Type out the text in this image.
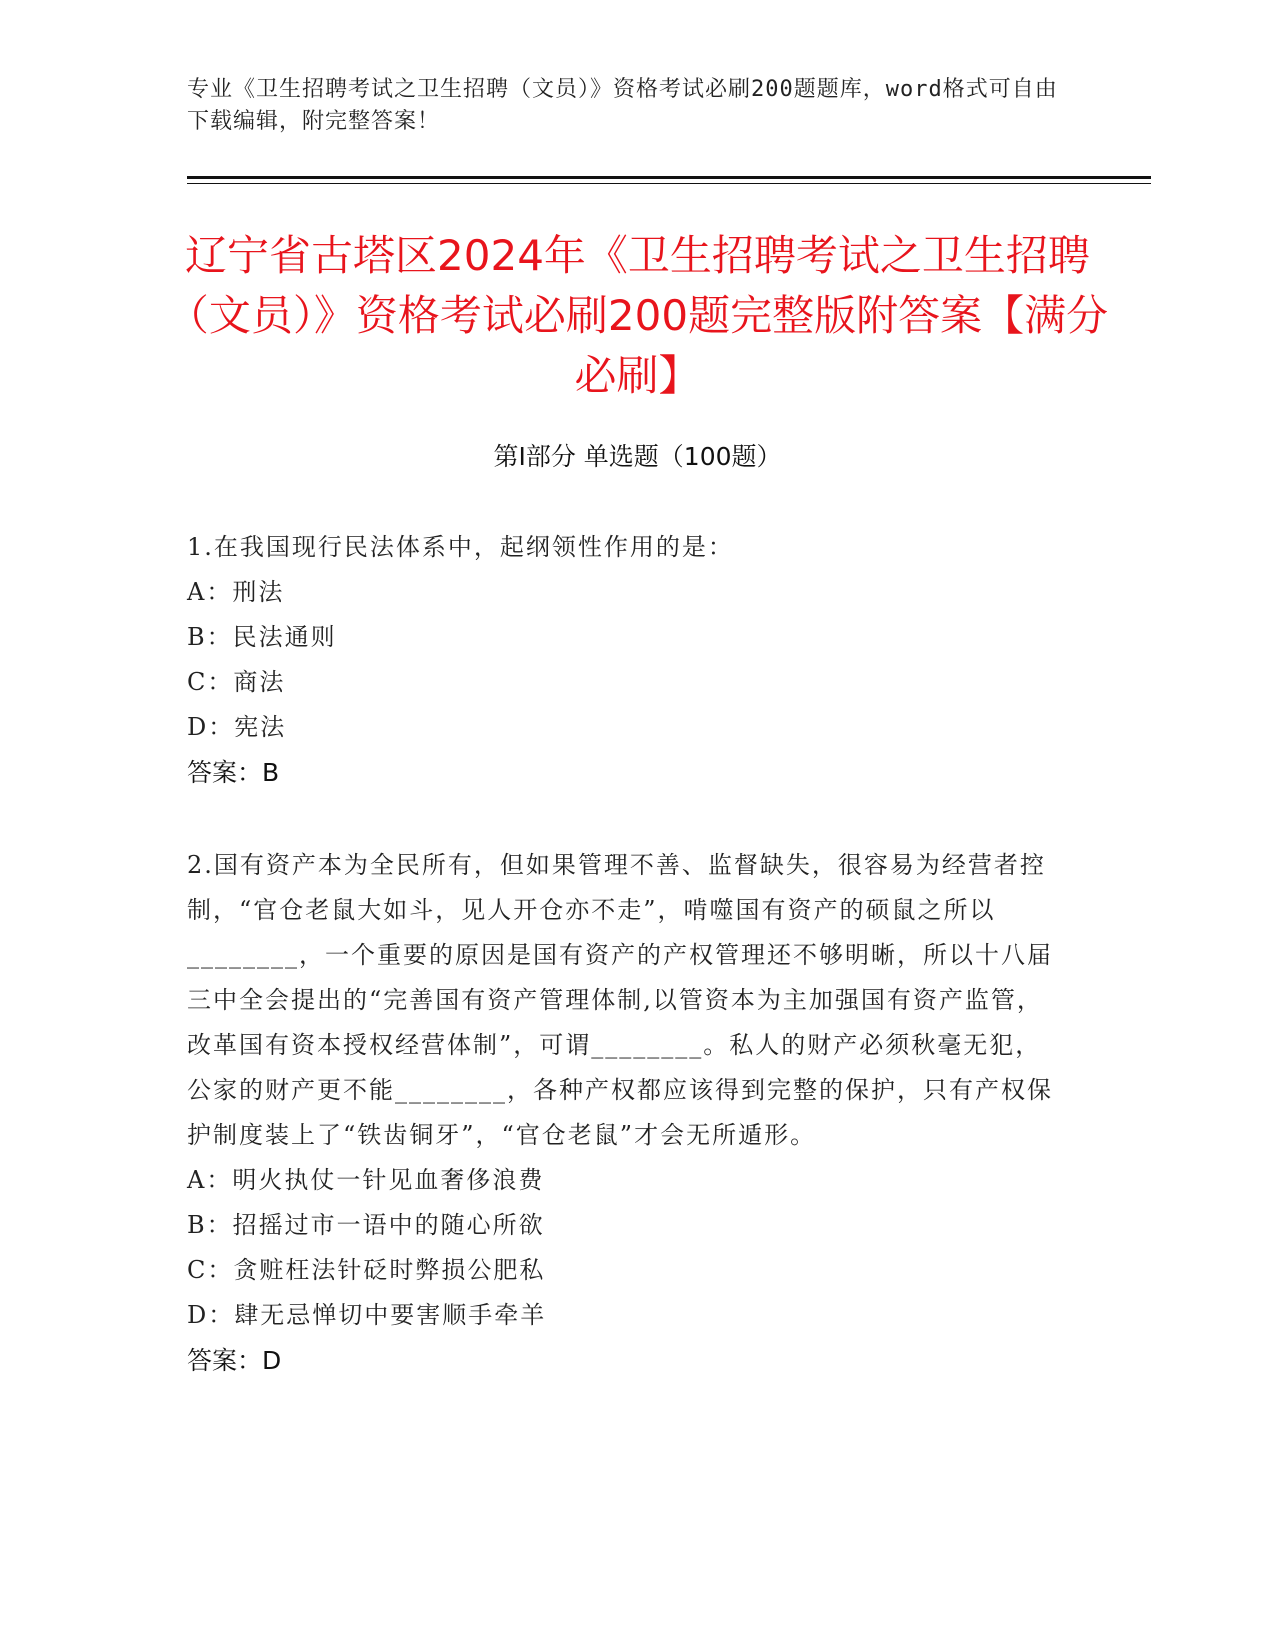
专业《卫生招聘考试之卫生招聘（文员）》资格考试必刷200题题库，word格式可自由下载编辑，附完整答案！
辽宁省古塔区2024年《卫生招聘考试之卫生招聘（文员）》资格考试必刷200题完整版附答案【满分必刷】
第I部分 单选题（100题）

1.在我国现行民法体系中，起纲领性作用的是：

A：刑法

B：民法通则

C：商法

D：宪法

答案：B

2.国有资产本为全民所有，但如果管理不善、监督缺失，很容易为经营者控制，“官仓老鼠大如斗，见人开仓亦不走”，啃噬国有资产的硕鼠之所以________，一个重要的原因是国有资产的产权管理还不够明晰，所以十八届三中全会提出的“完善国有资产管理体制,以管资本为主加强国有资产监管，改革国有资本授权经营体制”，可谓________。私人的财产必须秋毫无犯，公家的财产更不能________，各种产权都应该得到完整的保护，只有产权保护制度装上了“铁齿铜牙”，“官仓老鼠”才会无所遁形。

A：明火执仗一针见血奢侈浪费

B：招摇过市一语中的随心所欲

C：贪赃枉法针砭时弊损公肥私

D：肆无忌惮切中要害顺手牵羊

答案：D
